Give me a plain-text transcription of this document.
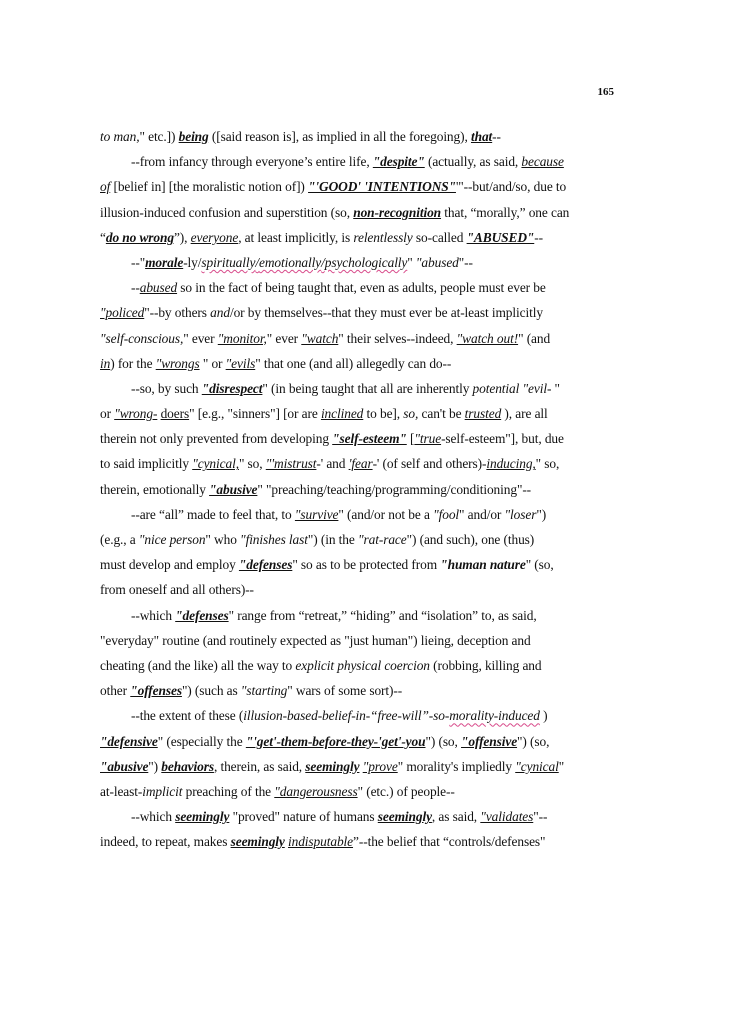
165
to man," etc.]) being ([said reason is], as implied in all the foregoing), that--
--from infancy through everyone’s entire life, "despite" (actually, as said, because
of [belief in] [the moralistic notion of]) "'GOOD' 'INTENTIONS"'"--but/and/so, due to
illusion-induced confusion and superstition (so, non-recognition that, “morally,” one can
“do no wrong”), everyone, at least implicitly, is relentlessly so-called "ABUSED"--
--"morale-ly/spiritually/emotionally/psychologically" "abused"--
--abused so in the fact of being taught that, even as adults, people must ever be
"policed"--by others and/or by themselves--that they must ever be at-least implicitly
"self-conscious," ever "monitor," ever "watch" their selves--indeed, "watch out!" (and
in) for the "wrongs " or "evils" that one (and all) allegedly can do--
--so, by such "disrespect" (in being taught that all are inherently potential "evil- "
or "wrong- doers" [e.g., "sinners"] [or are inclined to be], so, can't be trusted ), are all
therein not only prevented from developing "self-esteem" ["true-self-esteem"], but, due
to said implicitly "cynical," so, "'mistrust-' and 'fear-' (of self and others)-inducing," so,
therein, emotionally "abusive" "preaching/teaching/programming/conditioning"--
--are “all” made to feel that, to "survive" (and/or not be a "fool" and/or "loser")
(e.g., a "nice person" who "finishes last") (in the "rat-race") (and such), one (thus)
must develop and employ "defenses" so as to be protected from "human nature" (so,
from oneself and all others)--
--which "defenses" range from “retreat,” “hiding” and “isolation” to, as said,
"everyday" routine (and routinely expected as "just human") lieing, deception and
cheating (and the like) all the way to explicit physical coercion (robbing, killing and
other "offenses") (such as "starting" wars of some sort)--
--the extent of these (illusion-based-belief-in-“free-will”-so-morality-induced )
"defensive" (especially the "'get'-them-before-they-'get'-you") (so, "offensive") (so,
"abusive") behaviors, therein, as said, seemingly "prove" morality's impliedly "cynical"
at-least-implicit preaching of the "dangerousness" (etc.) of people--
--which seemingly "proved" nature of humans seemingly, as said, "validates"--
indeed, to repeat, makes seemingly indisputable”--the belief that “controls/defenses"
